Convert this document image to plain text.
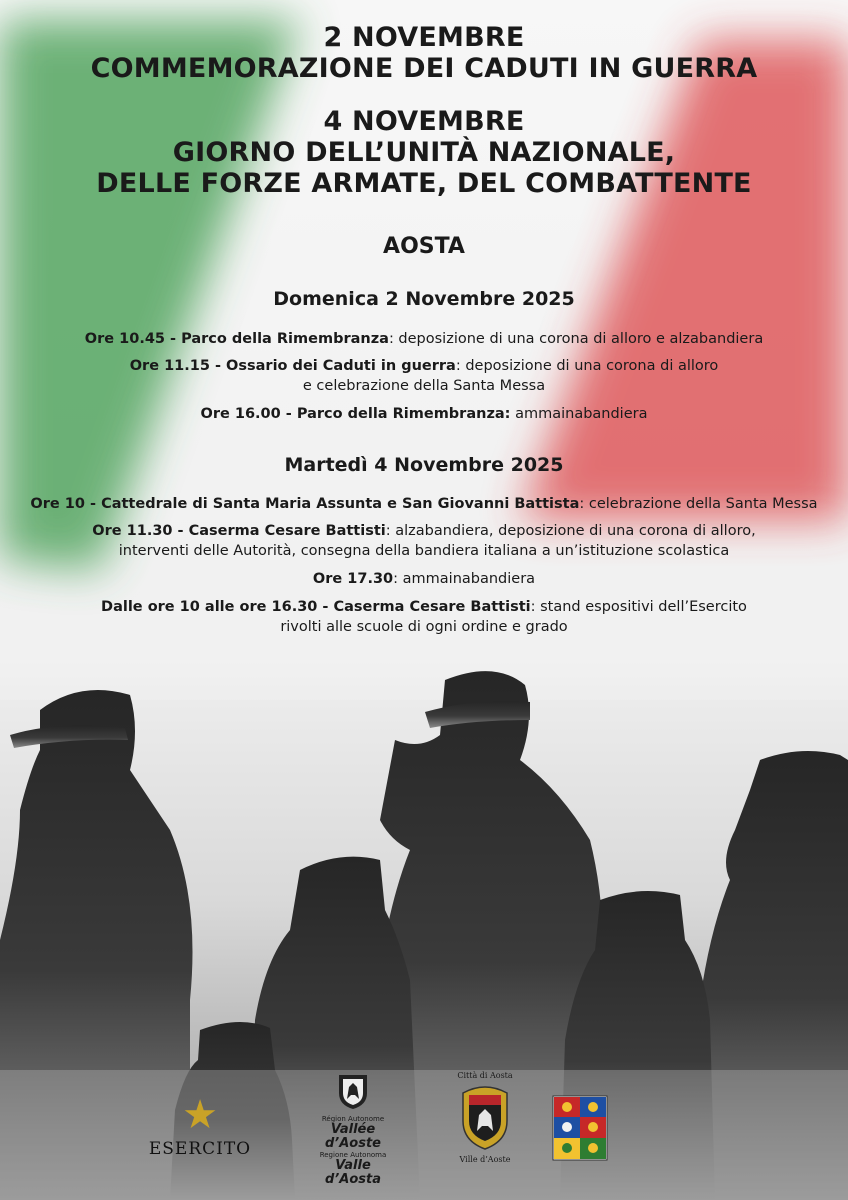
2 NOVEMBRE
COMMEMORAZIONE DEI CADUTI IN GUERRA
4 NOVEMBRE
GIORNO DELL’UNITÀ NAZIONALE,
DELLE FORZE ARMATE, DEL COMBATTENTE
AOSTA
Domenica 2 Novembre 2025
Ore 10.45 - Parco della Rimembranza: deposizione di una corona di alloro e alzabandiera
Ore 11.15 - Ossario dei Caduti in guerra: deposizione di una corona di alloro
e celebrazione della Santa Messa
Ore 16.00 - Parco della Rimembranza: ammainabandiera
Martedì 4 Novembre 2025
Ore 10 - Cattedrale di Santa Maria Assunta e San Giovanni Battista: celebrazione della Santa Messa
Ore 11.30 - Caserma Cesare Battisti: alzabandiera, deposizione di una corona di alloro,
interventi delle Autorità, consegna della bandiera italiana a un’istituzione scolastica
Ore 17.30: ammainabandiera
Dalle ore 10 alle ore 16.30 - Caserma Cesare Battisti: stand espositivi dell’Esercito
rivolti alle scuole di ogni ordine e grado
★
ESERCITO
Région Autonome
Vallée d’Aoste
Regione Autonoma
Valle d’Aosta
Città di Aosta
Ville d’Aoste
